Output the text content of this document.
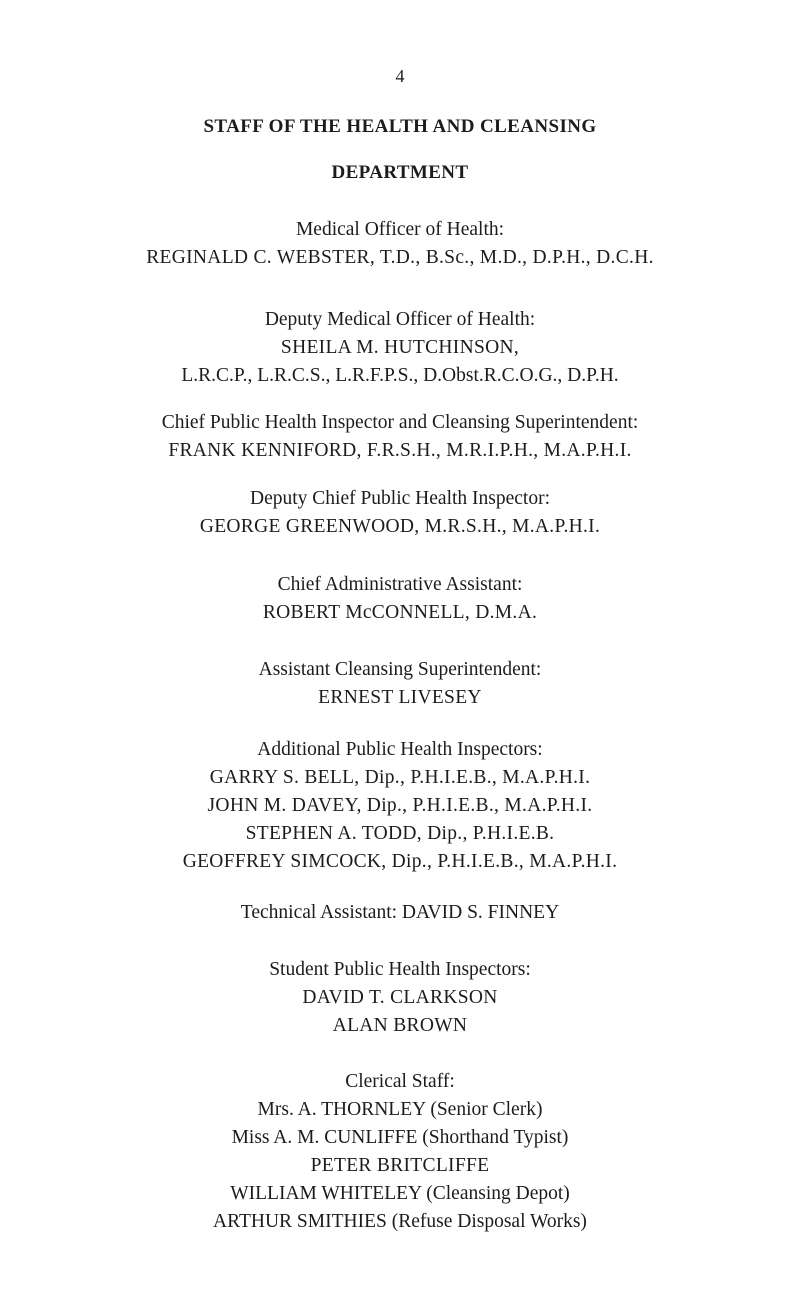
4
STAFF OF THE HEALTH AND CLEANSING
DEPARTMENT
Medical Officer of Health:
REGINALD C. WEBSTER, T.D., B.Sc., M.D., D.P.H., D.C.H.
Deputy Medical Officer of Health:
SHEILA M. HUTCHINSON,
L.R.C.P., L.R.C.S., L.R.F.P.S., D.Obst.R.C.O.G., D.P.H.
Chief Public Health Inspector and Cleansing Superintendent:
FRANK KENNIFORD, F.R.S.H., M.R.I.P.H., M.A.P.H.I.
Deputy Chief Public Health Inspector:
GEORGE GREENWOOD, M.R.S.H., M.A.P.H.I.
Chief Administrative Assistant:
ROBERT McCONNELL, D.M.A.
Assistant Cleansing Superintendent:
ERNEST LIVESEY
Additional Public Health Inspectors:
GARRY S. BELL, Dip., P.H.I.E.B., M.A.P.H.I.
JOHN M. DAVEY, Dip., P.H.I.E.B., M.A.P.H.I.
STEPHEN A. TODD, Dip., P.H.I.E.B.
GEOFFREY SIMCOCK, Dip., P.H.I.E.B., M.A.P.H.I.
Technical Assistant: DAVID S. FINNEY
Student Public Health Inspectors:
DAVID T. CLARKSON
ALAN BROWN
Clerical Staff:
Mrs. A. THORNLEY (Senior Clerk)
Miss A. M. CUNLIFFE (Shorthand Typist)
PETER BRITCLIFFE
WILLIAM WHITELEY (Cleansing Depot)
ARTHUR SMITHIES (Refuse Disposal Works)
